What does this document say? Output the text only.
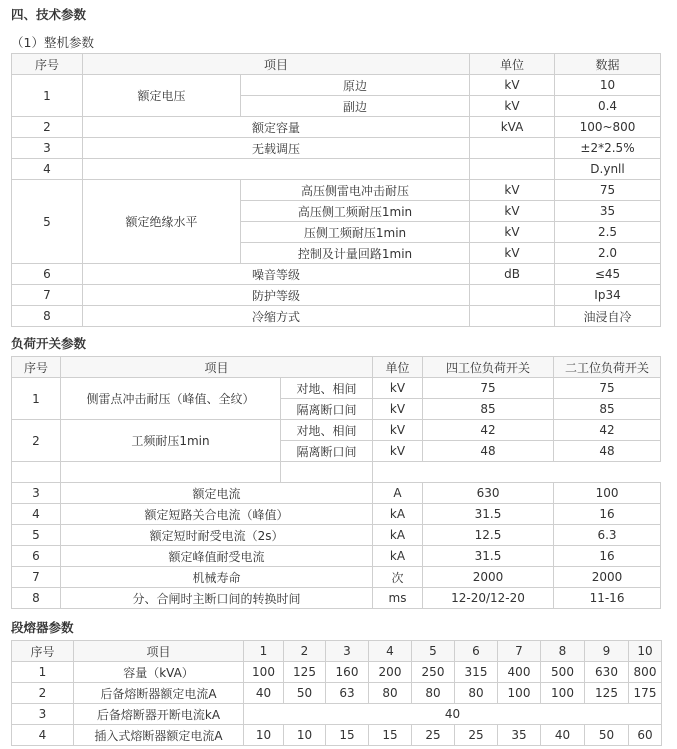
四、技术参数
（1）整机参数
序号	项目		单位	数据
1	额定电压	原边	kV	10
		副边	kV	0.4
2	额定容量		kVA	100~800
3	无载调压			±2*2.5%
4				D.ynll
5	额定绝缘水平	高压侧雷电冲击耐压	kV	75
		高压侧工频耐压1min	kV	35
		压侧工频耐压1min	kV	2.5
		控制及计量回路1min	kV	2.0
6	噪音等级		dB	≤45
7	防护等级			Ip34
8	冷缩方式			油浸自冷
负荷开关参数
序号	项目		单位	四工位负荷开关	二工位负荷开关
1	侧雷点冲击耐压（峰值、全纹）	对地、相间	kV	75	75
		隔离断口间	kV	85	85
2	工频耐压1min	对地、相间	kV	42	42
		隔离断口间	kV	48	48

3	额定电流		A	630	100
4	额定短路关合电流（峰值）		kA	31.5	16
5	额定短时耐受电流（2s）		kA	12.5	6.3
6	额定峰值耐受电流		kA	31.5	16
7	机械寿命		次	2000	2000
8	分、合闸时主断口间的转换时间		ms	12-20/12-20	11-16
段熔器参数
序号	项目	1	2	3	4	5	6	7	8	9	10
1	容量（kVA）	100	125	160	200	250	315	400	500	630	800
2	后备熔断器额定电流A	40	50	63	80	80	80	100	100	125	175
3	后备熔断器开断电流kA	40									
4	插入式熔断器额定电流A	10	10	15	15	25	25	35	40	50	60
